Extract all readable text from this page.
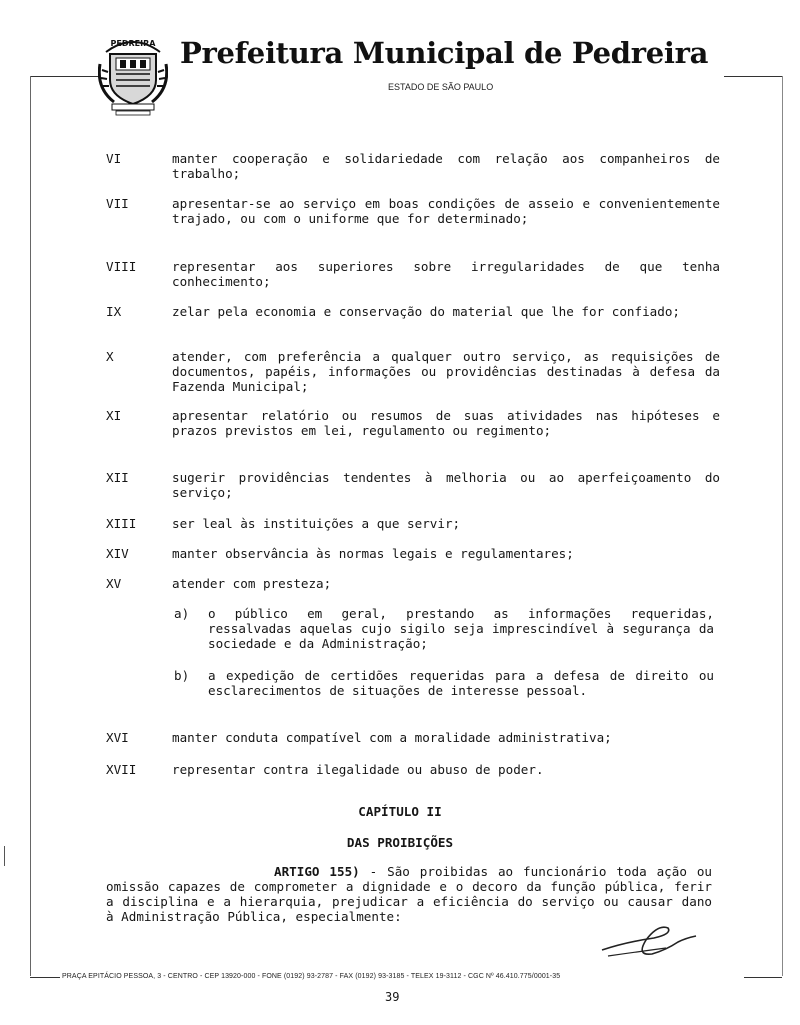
PEDREIRA Prefeitura Municipal de Pedreira
ESTADO DE SÃO PAULO
VI	manter cooperação e solidariedade com relação aos companheiros de trabalho;
VII	apresentar-se ao serviço em boas condições de asseio e convenientemente trajado, ou com o uniforme que for determinado;
VIII	representar aos superiores sobre irregularidades de que tenha conhecimento;
IX	zelar pela economia e conservação do material que lhe for confiado;
X	atender, com preferência a qualquer outro serviço, as requisições de documentos, papéis, informações ou providências destinadas à defesa da Fazenda Municipal;
XI	apresentar relatório ou resumos de suas atividades nas hipóteses e prazos previstos em lei, regulamento ou regimento;
XII	sugerir providências tendentes à melhoria ou ao aperfeiçoamento do serviço;
XIII	ser leal às instituições a que servir;
XIV	manter observância às normas legais e regulamentares;
XV	atender com presteza;
a)	o público em geral, prestando as informações requeridas, ressalvadas aquelas cujo sigilo seja imprescindível à segurança da sociedade e da Administração;
b)	a expedição de certidões requeridas para a defesa de direito ou esclarecimentos de situações de interesse pessoal.
XVI	manter conduta compatível com a moralidade administrativa;
XVII	representar contra ilegalidade ou abuso de poder.
CAPÍTULO II
DAS PROIBIÇÕES
ARTIGO 155) - São proibidas ao funcionário toda ação ou omissão capazes de comprometer a dignidade e o decoro da função pública, ferir a disciplina e a hierarquia, prejudicar a eficiência do serviço ou causar dano à Administração Pública, especialmente:
PRAÇA EPITÁCIO PESSOA, 3 - CENTRO - CEP 13920-000 - FONE (0192) 93-2787 - FAX (0192) 93-3185 - TELEX 19-3112 - CGC Nº 46.410.775/0001-35
39
